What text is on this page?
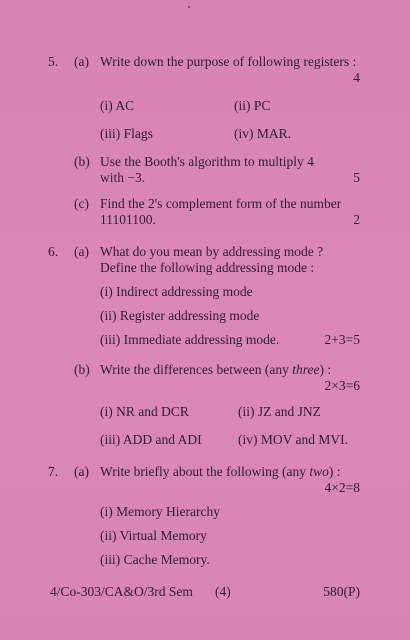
5. (a) Write down the purpose of following registers :
4
(i) AC	(ii) PC
(iii) Flags	(iv) MAR.
(b) Use the Booth's algorithm to multiply 4
with −3.	5
(c) Find the 2's complement form of the number
11101100.	2
6. (a) What do you mean by addressing mode ?
Define the following addressing mode :
(i) Indirect addressing mode
(ii) Register addressing mode
(iii) Immediate addressing mode.	2+3=5
(b) Write the differences between (any three) :
2×3=6
(i) NR and DCR	(ii) JZ and JNZ
(iii) ADD and ADI	(iv) MOV and MVI.
7. (a) Write briefly about the following (any two) :
4×2=8
(i) Memory Hierarchy
(ii) Virtual Memory
(iii) Cache Memory.
4/Co-303/CA&O/3rd Sem (4)	580(P)
